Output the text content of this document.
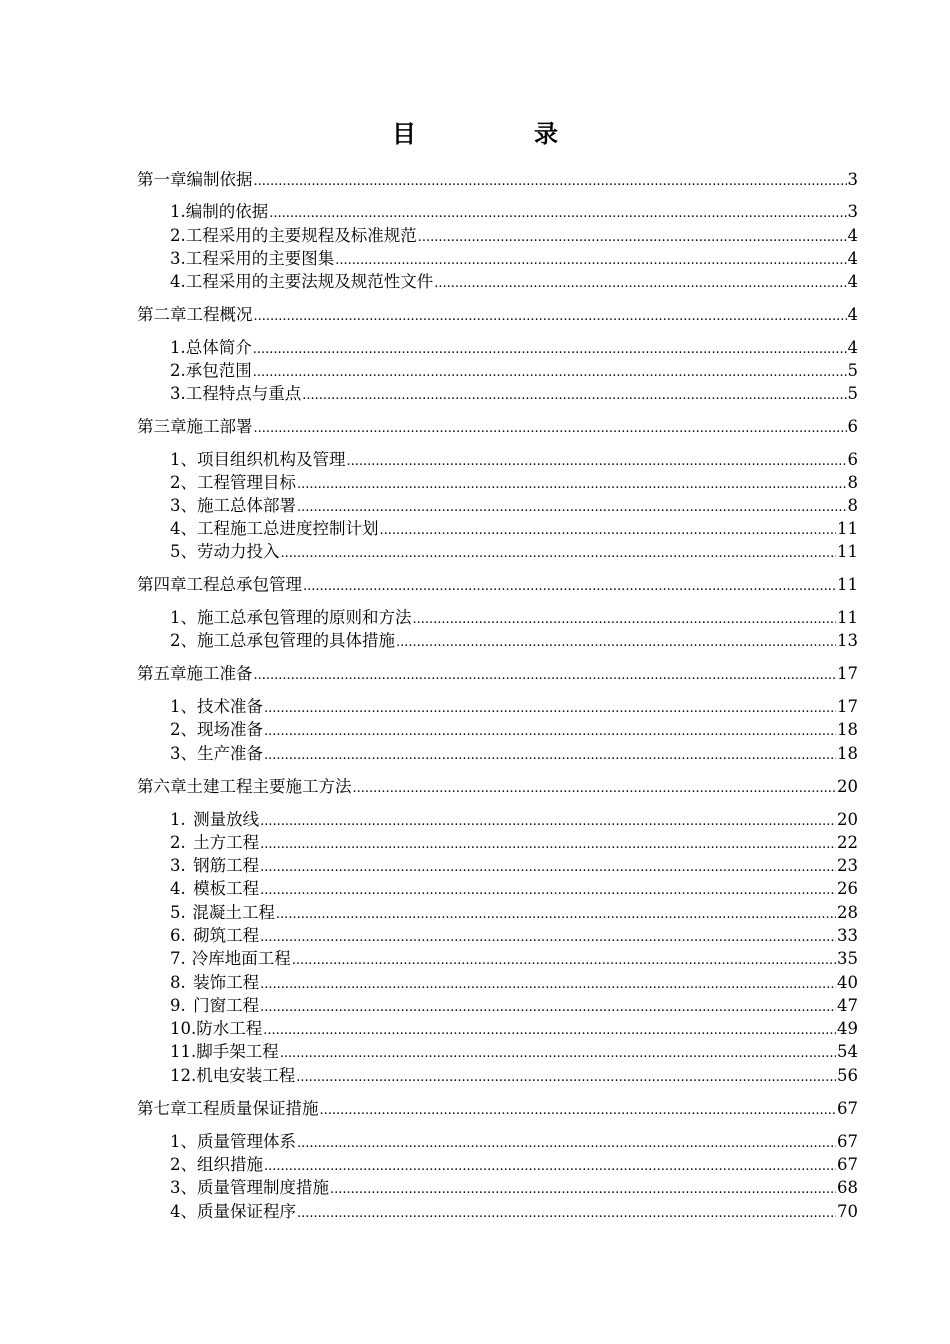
目	录
第一章 编制依据 .....	3
1. 编制的依据 .....	3
2. 工程采用的主要规程及标准规范 .....	4
3. 工程采用的主要图集 .....	4
4. 工程采用的主要法规及规范性文件 .....	4
第二章 工程概况 .....	4
1. 总体简介 .....	4
2. 承包范围 .....	5
3. 工程特点与重点 .....	5
第三章 施工部署 .....	6
1、 项目组织机构及管理 .....	6
2、 工程管理目标 .....	8
3、 施工总体部署 .....	8
4、 工程施工总进度控制计划 .....	11
5、 劳动力投入 .....	11
第四章 工程总承包管理 .....	11
1、 施工总承包管理的原则和方法 .....	11
2、 施工总承包管理的具体措施 .....	13
第五章 施工准备 .....	17
1、 技术准备 .....	17
2、 现场准备 .....	18
3、 生产准备 .....	18
第六章 土建工程主要施工方法 .....	20
1. 测量放线 .....	20
2. 土方工程 .....	22
3. 钢筋工程 .....	23
4. 模板工程 .....	26
5. 混凝土工程 .....	28
6. 砌筑工程 .....	33
7. 冷库地面工程 .....	35
8. 装饰工程 .....	40
9. 门窗工程 .....	47
10. 防水工程 .....	49
11. 脚手架工程 .....	54
12. 机电安装工程 .....	56
第七章 工程质量保证措施 .....	67
1、 质量管理体系 .....	67
2、 组织措施 .....	67
3、 质量管理制度措施 .....	68
4、 质量保证程序 .....	70
